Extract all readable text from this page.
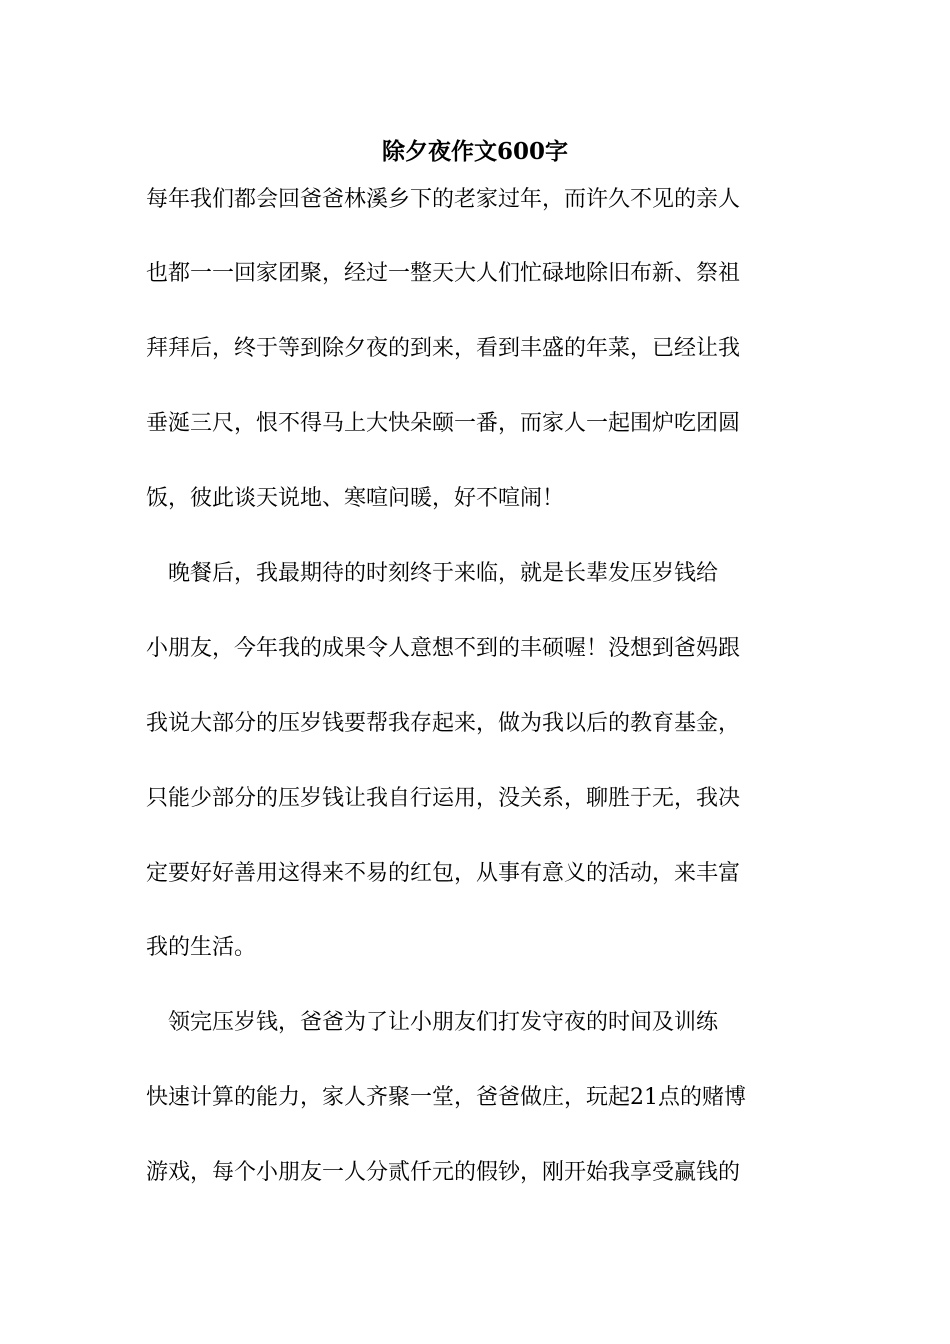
除夕夜作文600字
每年我们都会回爸爸林溪乡下的老家过年，而许久不见的亲人
也都一一回家团聚，经过一整天大人们忙碌地除旧布新、祭祖
拜拜后，终于等到除夕夜的到来，看到丰盛的年菜，已经让我
垂涎三尺，恨不得马上大快朵颐一番，而家人一起围炉吃团圆
饭，彼此谈天说地、寒喧问暖，好不喧闹！
　晚餐后，我最期待的时刻终于来临，就是长辈发压岁钱给
小朋友，今年我的成果令人意想不到的丰硕喔！没想到爸妈跟
我说大部分的压岁钱要帮我存起来，做为我以后的教育基金，
只能少部分的压岁钱让我自行运用，没关系，聊胜于无，我决
定要好好善用这得来不易的红包，从事有意义的活动，来丰富
我的生活。
　领完压岁钱，爸爸为了让小朋友们打发守夜的时间及训练
快速计算的能力，家人齐聚一堂，爸爸做庄，玩起21点的赌博
游戏，每个小朋友一人分贰仟元的假钞，刚开始我享受赢钱的
